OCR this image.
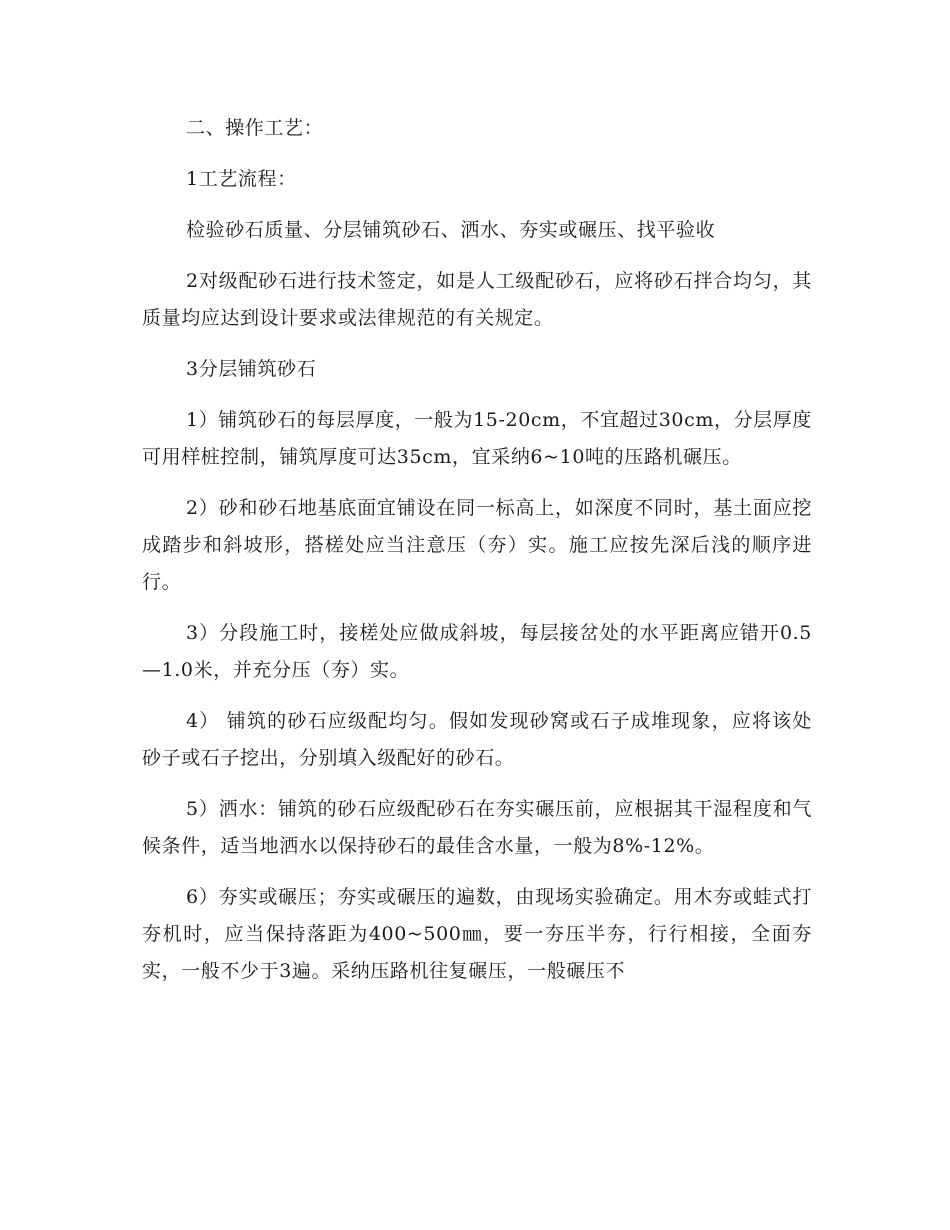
二、操作工艺：

1工艺流程：

检验砂石质量、分层铺筑砂石、洒水、夯实或碾压、找平验收

2对级配砂石进行技术签定，如是人工级配砂石，应将砂石拌合均匀，其质量均应达到设计要求或法律规范的有关规定。

3分层铺筑砂石

1）铺筑砂石的每层厚度，一般为15-20cm，不宜超过30cm，分层厚度可用样桩控制，铺筑厚度可达35cm，宜采纳6~10吨的压路机碾压。

2）砂和砂石地基底面宜铺设在同一标高上，如深度不同时，基土面应挖成踏步和斜坡形，搭槎处应当注意压（夯）实。施工应按先深后浅的顺序进行。

3）分段施工时，接槎处应做成斜坡，每层接岔处的水平距离应错开0.5—1.0米，并充分压（夯）实。

4） 铺筑的砂石应级配均匀。假如发现砂窝或石子成堆现象，应将该处砂子或石子挖出，分别填入级配好的砂石。

5）洒水：铺筑的砂石应级配砂石在夯实碾压前，应根据其干湿程度和气候条件，适当地洒水以保持砂石的最佳含水量，一般为8%-12%。

6）夯实或碾压；夯实或碾压的遍数，由现场实验确定。用木夯或蛙式打夯机时，应当保持落距为400~500㎜，要一夯压半夯，行行相接，全面夯实，一般不少于3遍。采纳压路机往复碾压，一般碾压不
